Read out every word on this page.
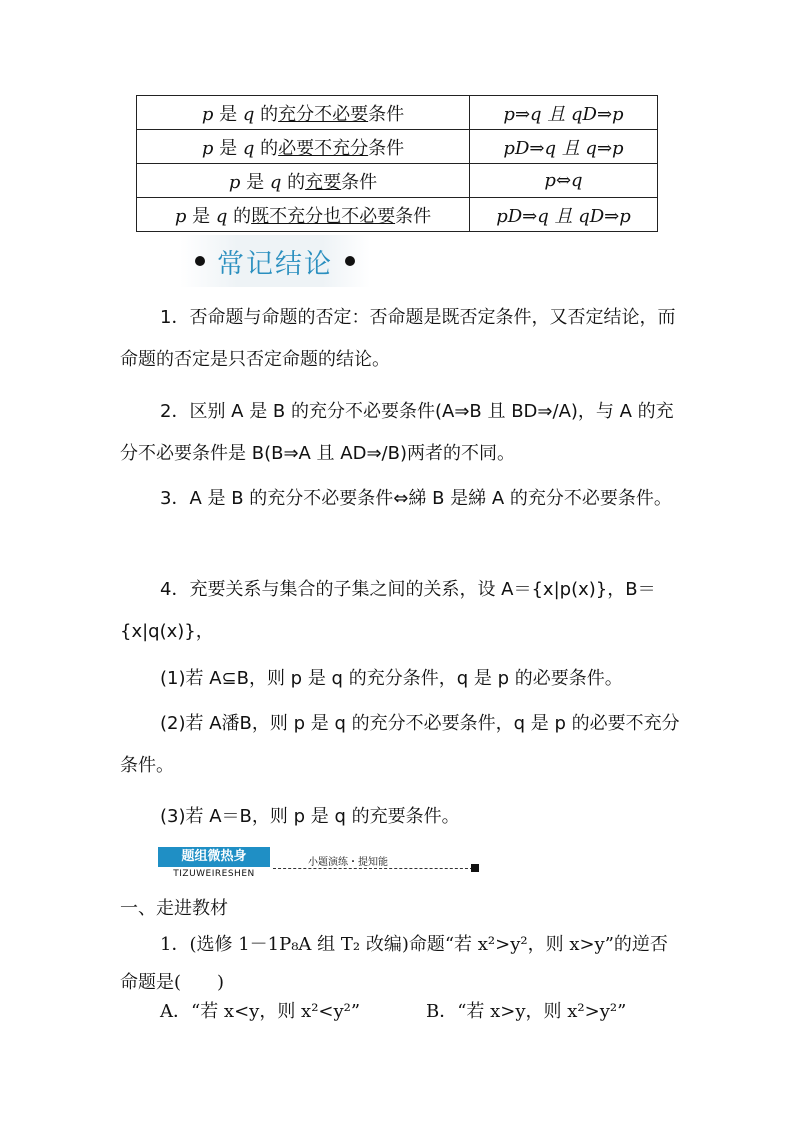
p 是 q 的充分不必要条件	p⇒q 且 qD⇒p
p 是 q 的必要不充分条件	pD⇒q 且 q⇒p
p 是 q 的充要条件	p⇔q
p 是 q 的既不充分也不必要条件	pD⇒q 且 qD⇒p
常记结论
1．否命题与命题的否定：否命题是既否定条件，又否定结论，而命题的否定是只否定命题的结论。
2．区别 A 是 B 的充分不必要条件(A⇒B 且 BD⇒/A)，与 A 的充分不必要条件是 B(B⇒A 且 AD⇒/B)两者的不同。
3．A 是 B 的充分不必要条件⇔綈 B 是綈 A 的充分不必要条件。
4．充要关系与集合的子集之间的关系，设 A＝{x|p(x)}，B＝{x|q(x)}，
(1)若 A⊆B，则 p 是 q 的充分条件，q 是 p 的必要条件。
(2)若 A潘B，则 p 是 q 的充分不必要条件，q 是 p 的必要不充分条件。
(3)若 A＝B，则 p 是 q 的充要条件。
题组微热身
TIZUWEIRESHEN
小题演练・提知能
一、走进教材
1．(选修 1－1P₈A 组 T₂ 改编)命题“若 x²>y²，则 x>y”的逆否命题是(　　)
A．“若 x<y，则 x²<y²”	B．“若 x>y，则 x²>y²”
